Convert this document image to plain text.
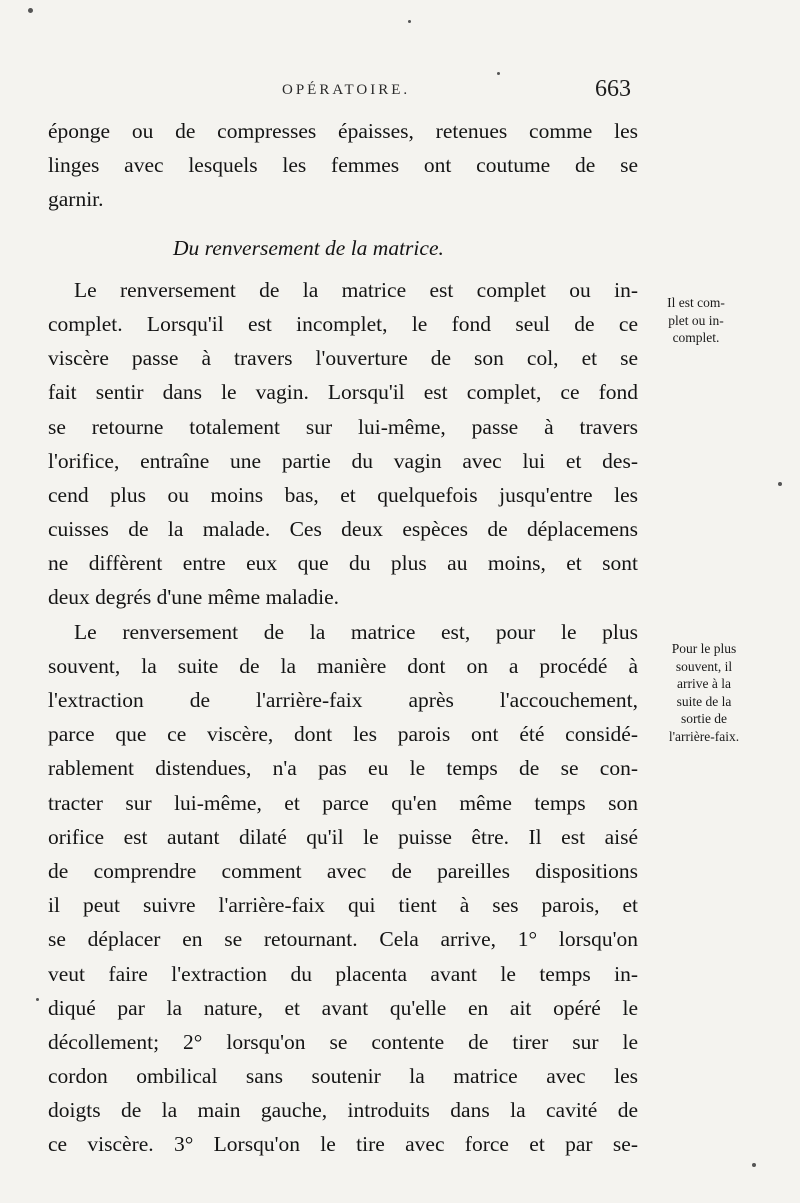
OPÉRATOIRE.	663
éponge ou de compresses épaisses, retenues comme les
linges avec lesquels les femmes ont coutume de se
garnir.
Du renversement de la matrice.
Le renversement de la matrice est complet ou in-
complet. Lorsqu'il est incomplet, le fond seul de ce
viscère passe à travers l'ouverture de son col, et se
fait sentir dans le vagin. Lorsqu'il est complet, ce fond
se retourne totalement sur lui-même, passe à travers
l'orifice, entraîne une partie du vagin avec lui et des-
cend plus ou moins bas, et quelquefois jusqu'entre les
cuisses de la malade. Ces deux espèces de déplacemens
ne diffèrent entre eux que du plus au moins, et sont
deux degrés d'une même maladie.
Le renversement de la matrice est, pour le plus
souvent, la suite de la manière dont on a procédé à
l'extraction de l'arrière-faix après l'accouchement,
parce que ce viscère, dont les parois ont été considé-
rablement distendues, n'a pas eu le temps de se con-
tracter sur lui-même, et parce qu'en même temps son
orifice est autant dilaté qu'il le puisse être. Il est aisé
de comprendre comment avec de pareilles dispositions
il peut suivre l'arrière-faix qui tient à ses parois, et
se déplacer en se retournant. Cela arrive, 1° lorsqu'on
veut faire l'extraction du placenta avant le temps in-
diqué par la nature, et avant qu'elle en ait opéré le
décollement; 2° lorsqu'on se contente de tirer sur le
cordon ombilical sans soutenir la matrice avec les
doigts de la main gauche, introduits dans la cavité de
ce viscère. 3° Lorsqu'on le tire avec force et par se-
Il est com-
plet ou in-
complet.
Pour le plus
souvent, il
arrive à la
suite de la
sortie de
l'arrière-faix.
